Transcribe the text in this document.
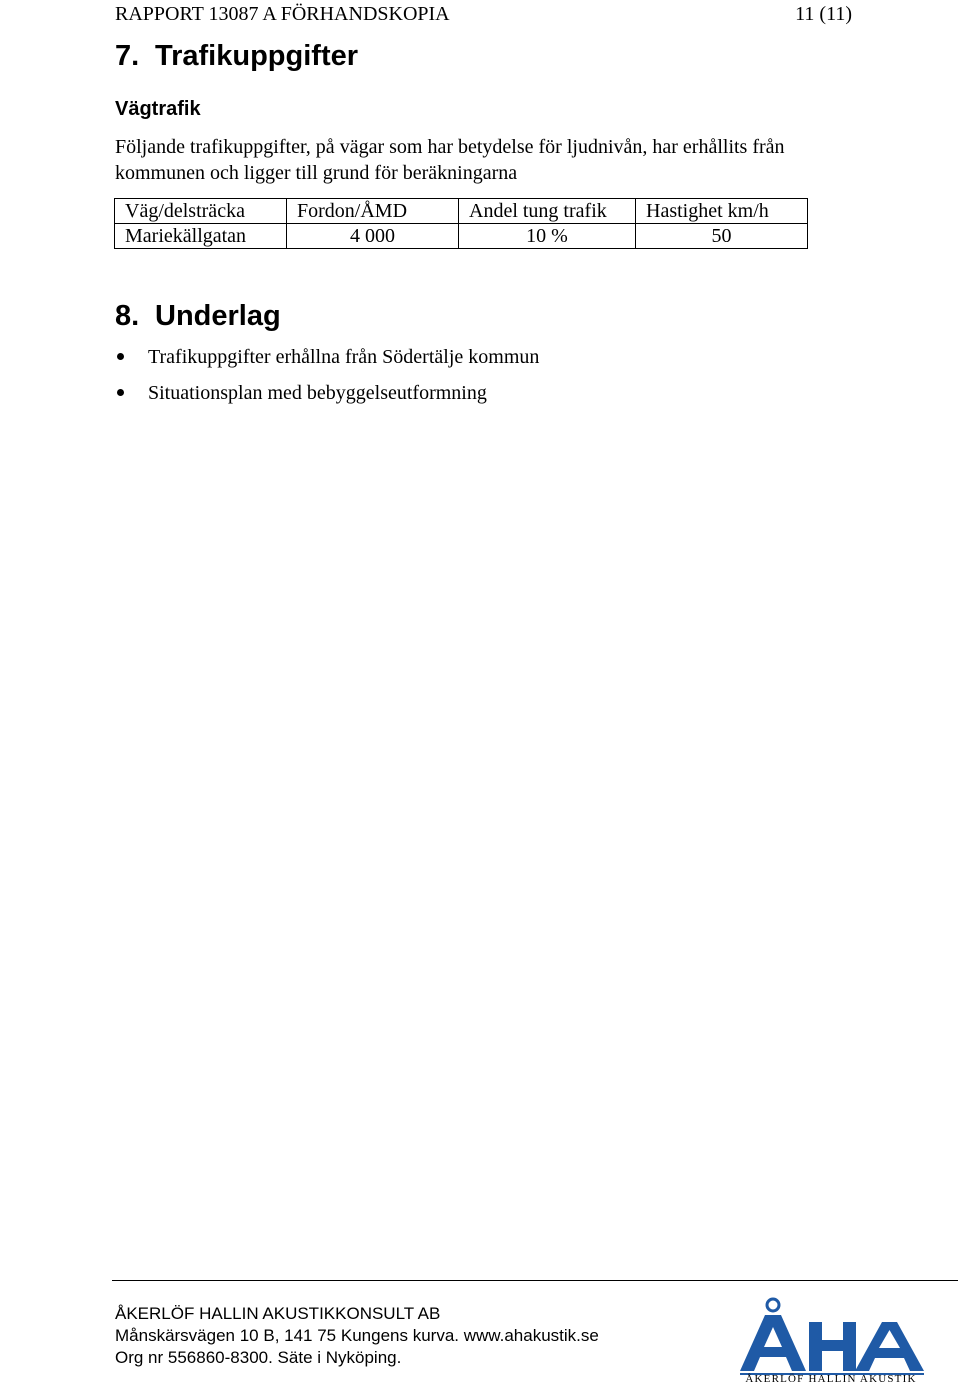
RAPPORT 13087 A FÖRHANDSKOPIA	11 (11)
7. Trafikuppgifter
Vägtrafik
Följande trafikuppgifter, på vägar som har betydelse för ljudnivån, har erhållits från kommunen och ligger till grund för beräkningarna
Väg/delsträcka	Fordon/ÅMD	Andel tung trafik	Hastighet km/h
Mariekällgatan	4 000	10 %	50
8. Underlag
Trafikuppgifter erhållna från Södertälje kommun
Situationsplan med bebyggelseutformning
ÅKERLÖF HALLIN AKUSTIKKONSULT AB
Månskärsvägen 10 B, 141 75 Kungens kurva. www.ahakustik.se
Org nr 556860-8300. Säte i Nyköping.
ÅKERLÖF HALLIN AKUSTIK
